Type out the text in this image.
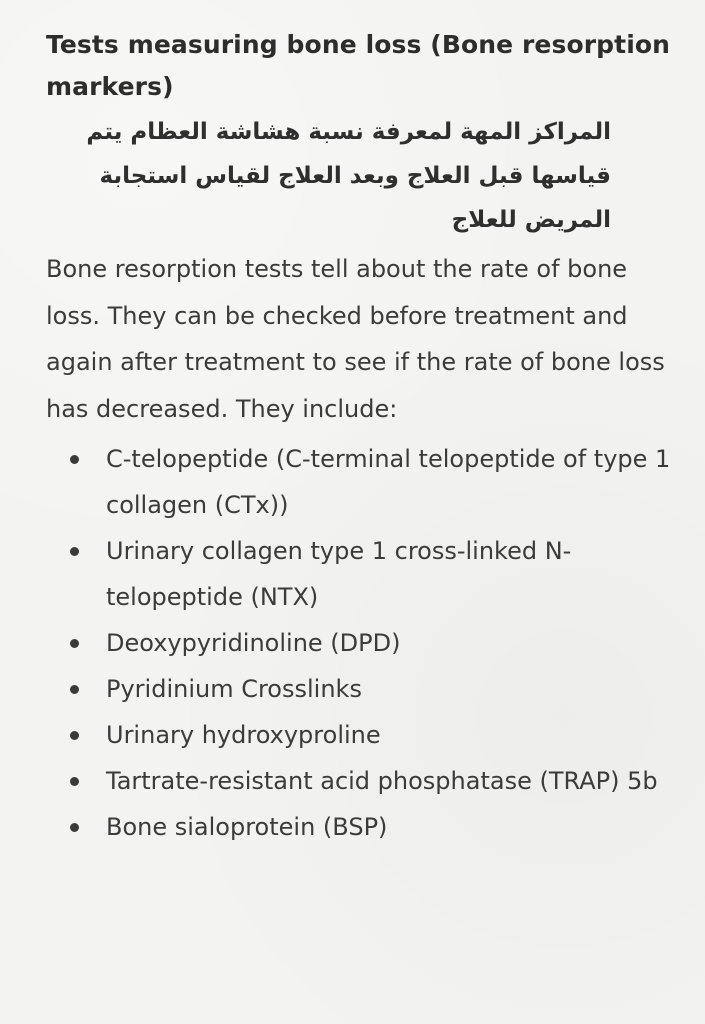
Tests measuring bone loss (Bone resorption markers)

المراكز المهة لمعرفة نسبة هشاشة العظام يتم قياسها قبل العلاج وبعد العلاج لقياس استجابة المريض للعلاج

Bone resorption tests tell about the rate of bone loss. They can be checked before treatment and again after treatment to see if the rate of bone loss has decreased. They include:

C-telopeptide (C-terminal telopeptide of type 1 collagen (CTx))
Urinary collagen type 1 cross-linked N-telopeptide (NTX)
Deoxypyridinoline (DPD)
Pyridinium Crosslinks
Urinary hydroxyproline
Tartrate-resistant acid phosphatase (TRAP) 5b
Bone sialoprotein (BSP)
